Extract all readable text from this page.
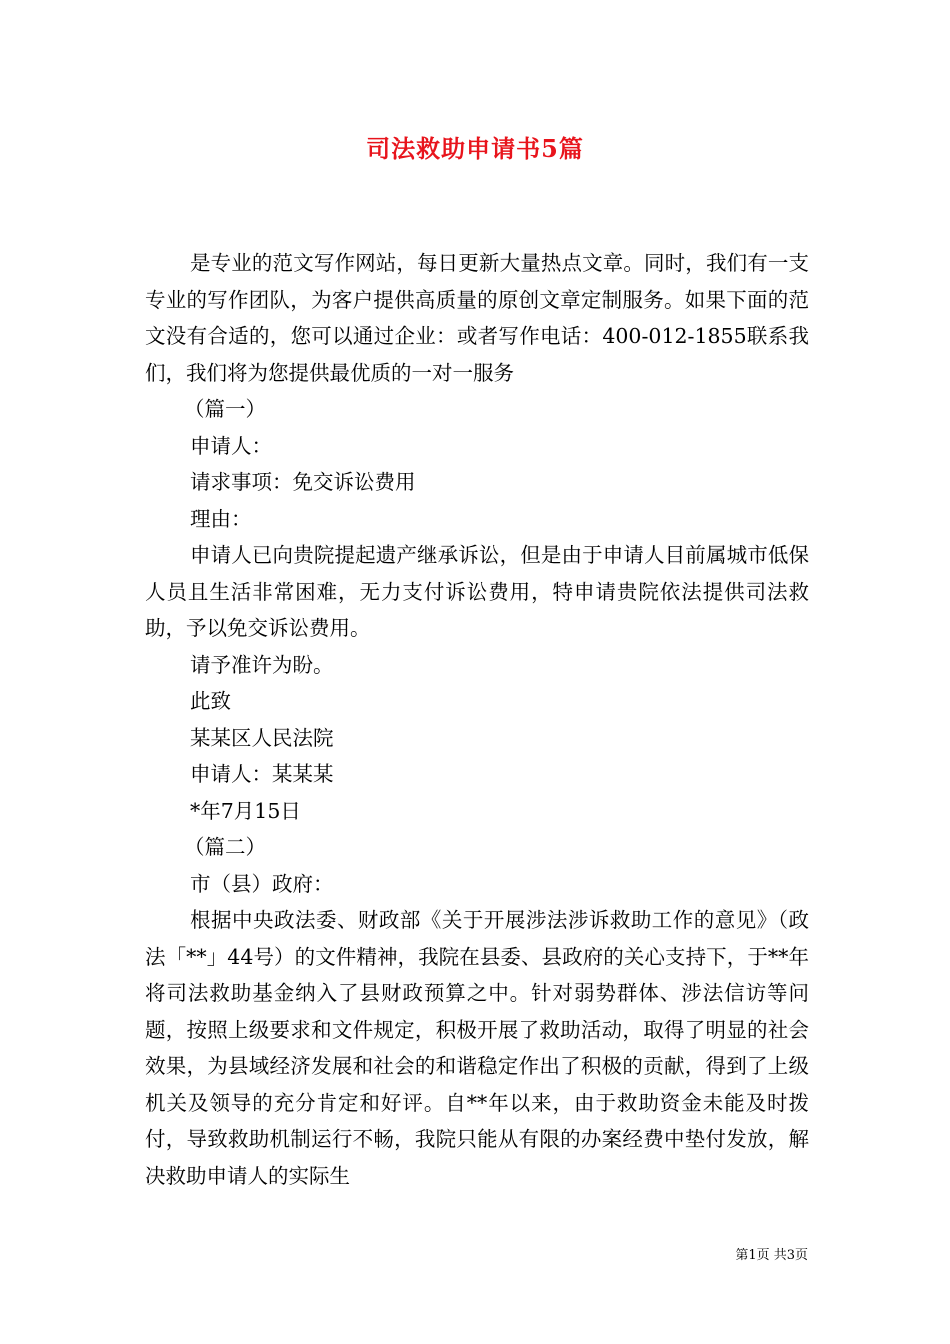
司法救助申请书5篇

是专业的范文写作网站，每日更新大量热点文章。同时，我们有一支专业的写作团队，为客户提供高质量的原创文章定制服务。如果下面的范文没有合适的，您可以通过企业：或者写作电话：400-012-1855联系我们，我们将为您提供最优质的一对一服务

（篇一）

申请人：

请求事项：免交诉讼费用

理由：

申请人已向贵院提起遗产继承诉讼，但是由于申请人目前属城市低保人员且生活非常困难，无力支付诉讼费用，特申请贵院依法提供司法救助，予以免交诉讼费用。

请予准许为盼。

此致

某某区人民法院

申请人：某某某

*年7月15日

（篇二）

市（县）政府：

根据中央政法委、财政部《关于开展涉法涉诉救助工作的意见》（政法「**」44号）的文件精神，我院在县委、县政府的关心支持下，于**年将司法救助基金纳入了县财政预算之中。针对弱势群体、涉法信访等问题，按照上级要求和文件规定，积极开展了救助活动，取得了明显的社会效果，为县域经济发展和社会的和谐稳定作出了积极的贡献，得到了上级机关及领导的充分肯定和好评。自**年以来，由于救助资金未能及时拨付，导致救助机制运行不畅，我院只能从有限的办案经费中垫付发放，解决救助申请人的实际生

第1页 共3页
